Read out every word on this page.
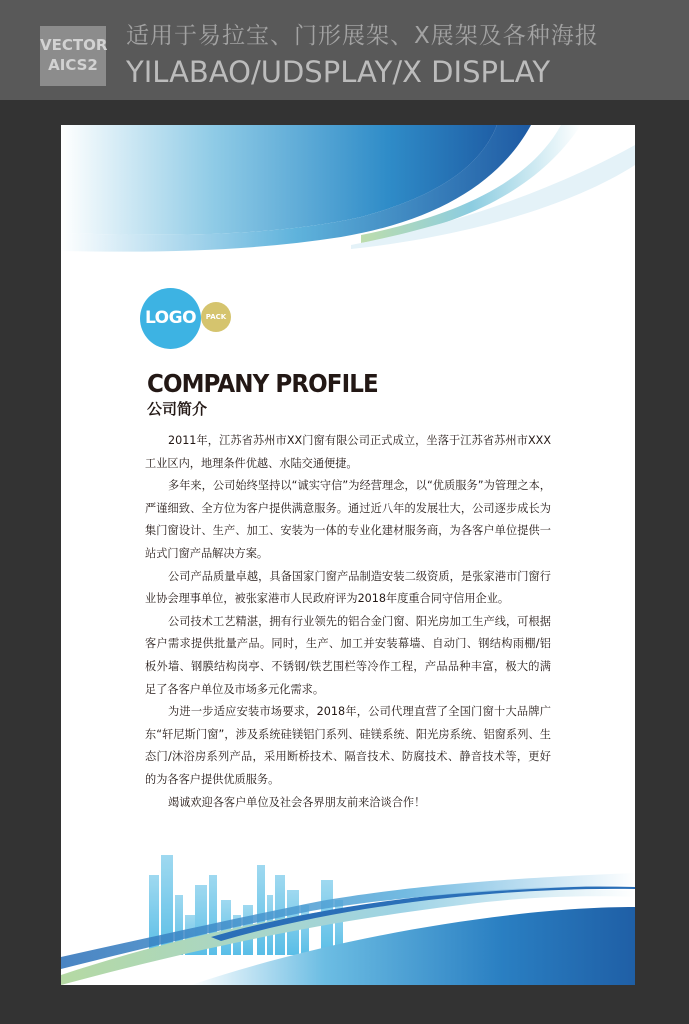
VECTOR
AICS2
适用于易拉宝、门形展架、X展架及各种海报
YILABAO/UDSPLAY/X DISPLAY
LOGO	PACK
COMPANY PROFILE
公司简介

2011年，江苏省苏州市XX门窗有限公司正式成立，坐落于江苏省苏州市XXX工业区内，地理条件优越、水陆交通便捷。

多年来，公司始终坚持以“诚实守信”为经营理念，以“优质服务”为管理之本，严谨细致、全方位为客户提供满意服务。通过近八年的发展壮大，公司逐步成长为集门窗设计、生产、加工、安装为一体的专业化建材服务商，为各客户单位提供一站式门窗产品解决方案。

公司产品质量卓越，具备国家门窗产品制造安装二级资质，是张家港市门窗行业协会理事单位，被张家港市人民政府评为2018年度重合同守信用企业。

公司技术工艺精湛，拥有行业领先的铝合金门窗、阳光房加工生产线，可根据客户需求提供批量产品。同时，生产、加工并安装幕墙、自动门、钢结构雨棚/铝板外墙、钢膜结构岗亭、不锈钢/铁艺围栏等冷作工程，产品品种丰富，极大的满足了各客户单位及市场多元化需求。

为进一步适应安装市场要求，2018年，公司代理直营了全国门窗十大品牌广东“轩尼斯门窗”，涉及系统硅镁铝门系列、硅镁系统、阳光房系统、铝窗系列、生态门/沐浴房系列产品，采用断桥技术、隔音技术、防腐技术、静音技术等，更好的为各客户提供优质服务。

竭诚欢迎各客户单位及社会各界朋友前来洽谈合作！
